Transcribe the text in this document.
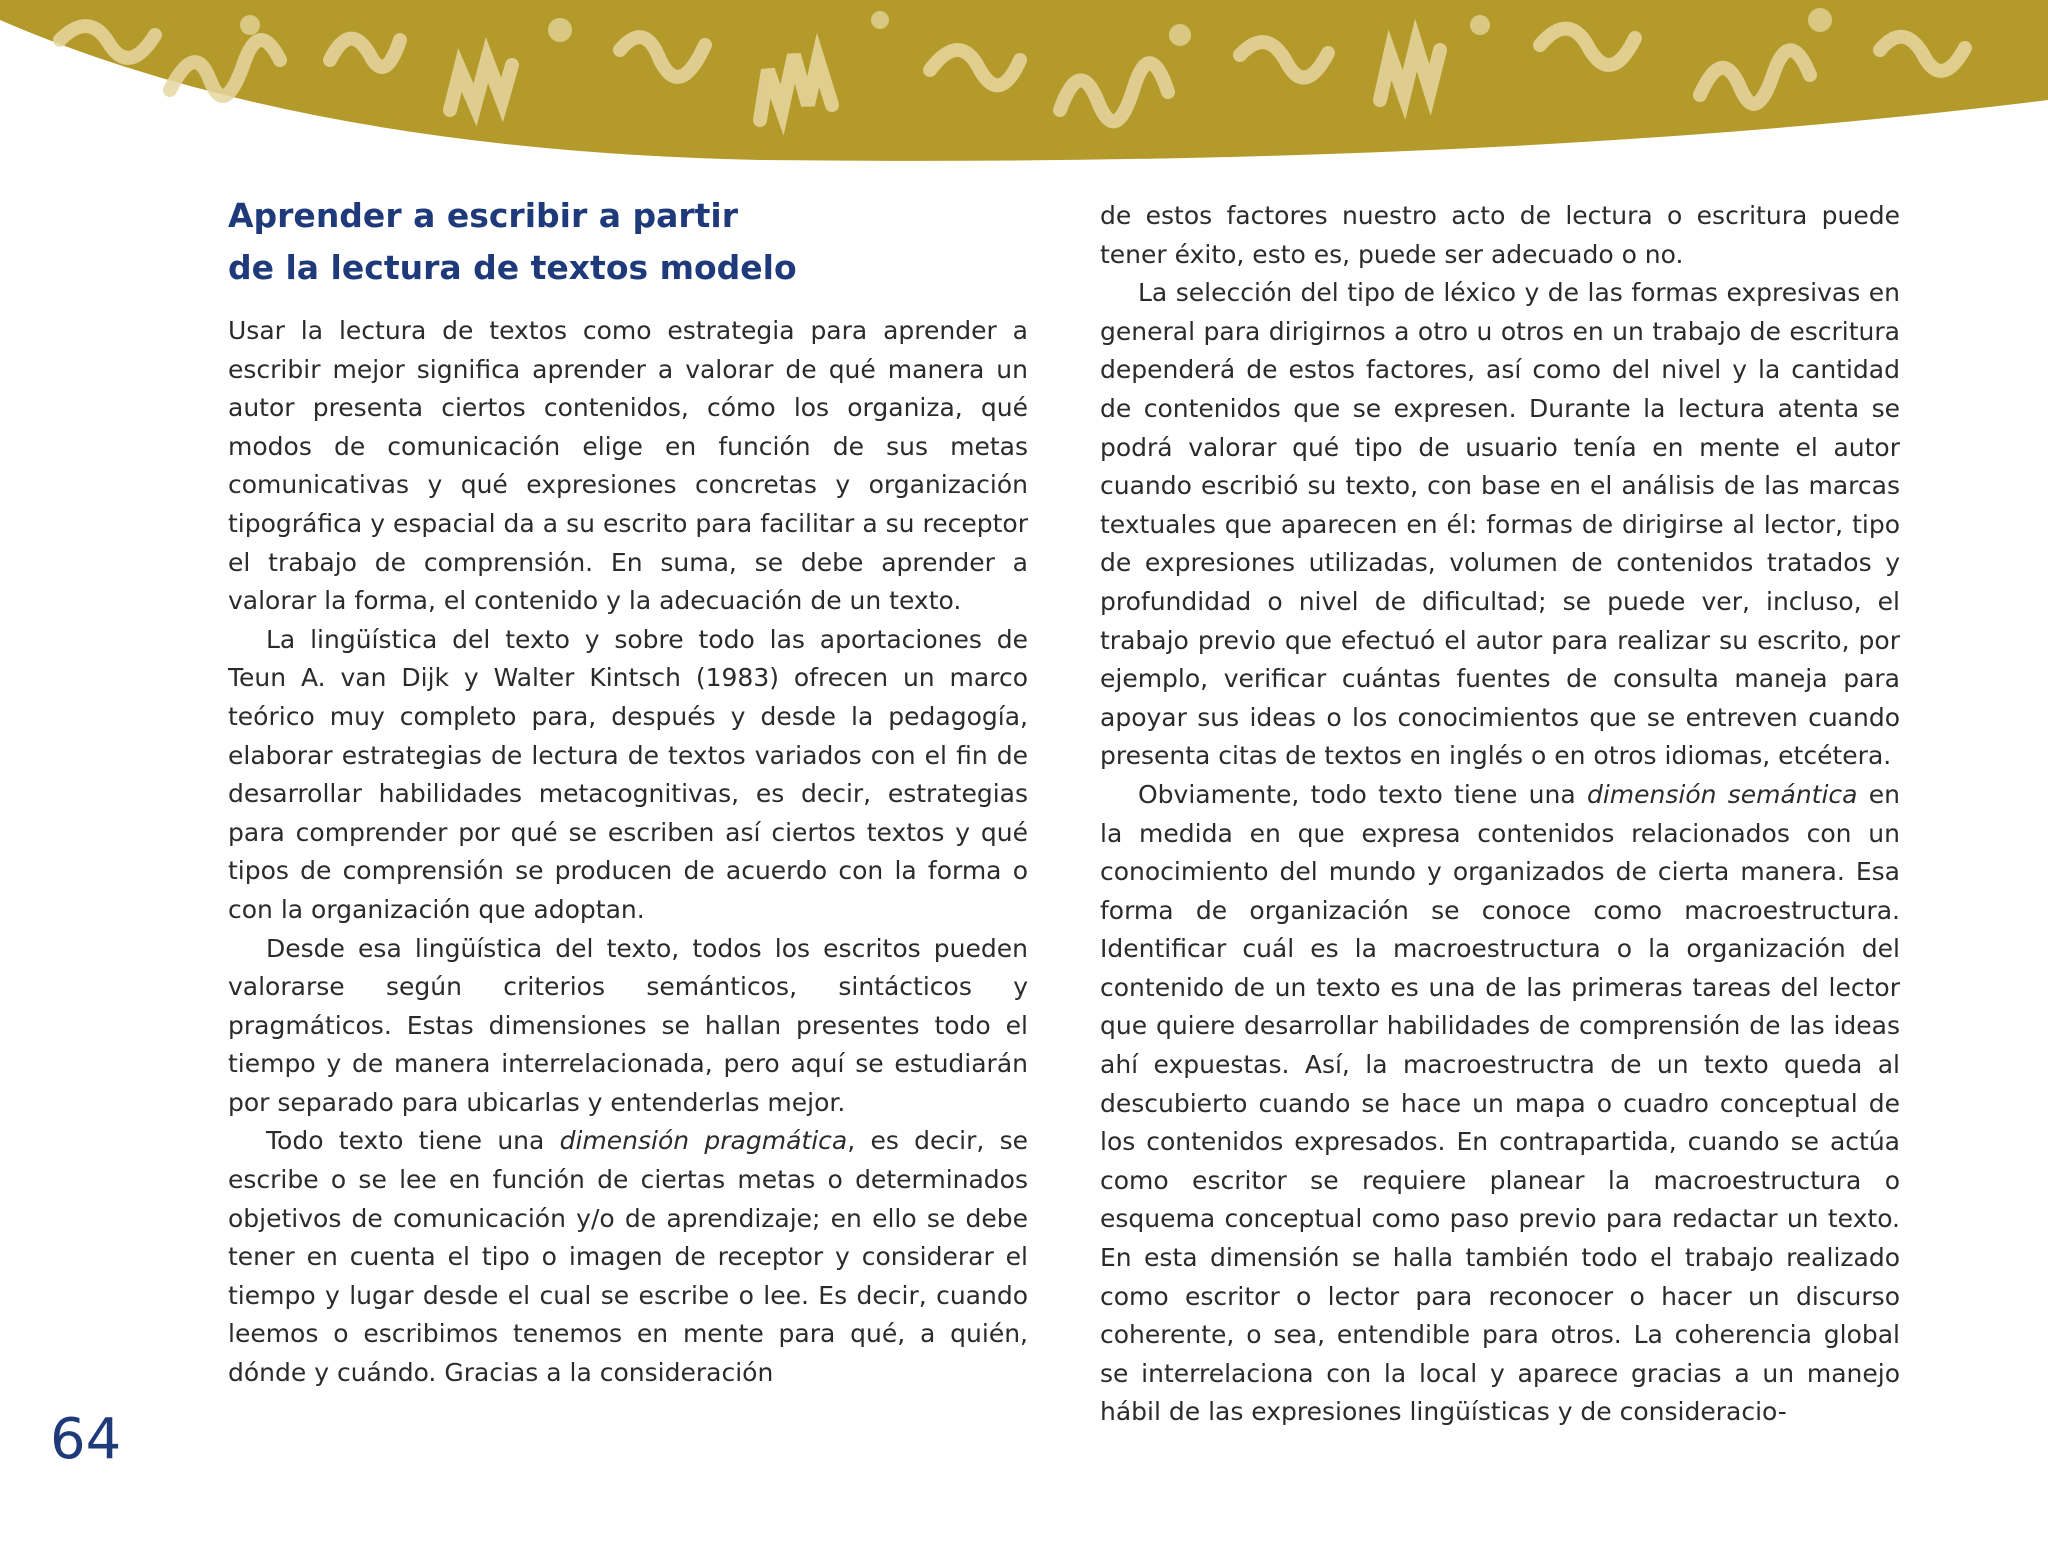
Aprender a escribir a partir
de la lectura de textos modelo

Usar la lectura de textos como estrategia para aprender a escribir mejor significa aprender a valorar de qué manera un autor presenta ciertos contenidos, cómo los organiza, qué modos de comunicación elige en función de sus metas comunicativas y qué expresiones concretas y organización tipográfica y espacial da a su escrito para facilitar a su receptor el trabajo de comprensión. En suma, se debe aprender a valorar la forma, el contenido y la adecuación de un texto.

La lingüística del texto y sobre todo las aportaciones de Teun A. van Dijk y Walter Kintsch (1983) ofrecen un marco teórico muy completo para, después y desde la pedagogía, elaborar estrategias de lectura de textos variados con el fin de desarrollar habilidades metacognitivas, es decir, estrategias para comprender por qué se escriben así ciertos textos y qué tipos de comprensión se producen de acuerdo con la forma o con la organización que adoptan.

Desde esa lingüística del texto, todos los escritos pueden valorarse según criterios semánticos, sintácticos y pragmáticos. Estas dimensiones se hallan presentes todo el tiempo y de manera interrelacionada, pero aquí se estudiarán por separado para ubicarlas y entenderlas mejor.

Todo texto tiene una dimensión pragmática, es decir, se escribe o se lee en función de ciertas metas o determinados objetivos de comunicación y/o de aprendizaje; en ello se debe tener en cuenta el tipo o imagen de receptor y considerar el tiempo y lugar desde el cual se escribe o lee. Es decir, cuando leemos o escribimos tenemos en mente para qué, a quién, dónde y cuándo. Gracias a la consideración

de estos factores nuestro acto de lectura o escritura puede tener éxito, esto es, puede ser adecuado o no.

La selección del tipo de léxico y de las formas expresivas en general para dirigirnos a otro u otros en un trabajo de escritura dependerá de estos factores, así como del nivel y la cantidad de contenidos que se expresen. Durante la lectura atenta se podrá valorar qué tipo de usuario tenía en mente el autor cuando escribió su texto, con base en el análisis de las marcas textuales que aparecen en él: formas de dirigirse al lector, tipo de expresiones utilizadas, volumen de contenidos tratados y profundidad o nivel de dificultad; se puede ver, incluso, el trabajo previo que efectuó el autor para realizar su escrito, por ejemplo, verificar cuántas fuentes de consulta maneja para apoyar sus ideas o los conocimientos que se entreven cuando presenta citas de textos en inglés o en otros idiomas, etcétera.

Obviamente, todo texto tiene una dimensión semántica en la medida en que expresa contenidos relacionados con un conocimiento del mundo y organizados de cierta manera. Esa forma de organización se conoce como macroestructura. Identificar cuál es la macroestructura o la organización del contenido de un texto es una de las primeras tareas del lector que quiere desarrollar habilidades de comprensión de las ideas ahí expuestas. Así, la macroestructra de un texto queda al descubierto cuando se hace un mapa o cuadro conceptual de los contenidos expresados. En contrapartida, cuando se actúa como escritor se requiere planear la macroestructura o esquema conceptual como paso previo para redactar un texto. En esta dimensión se halla también todo el trabajo realizado como escritor o lector para reconocer o hacer un discurso coherente, o sea, entendible para otros. La coherencia global se interrelaciona con la local y aparece gracias a un manejo hábil de las expresiones lingüísticas y de consideracio-

64
